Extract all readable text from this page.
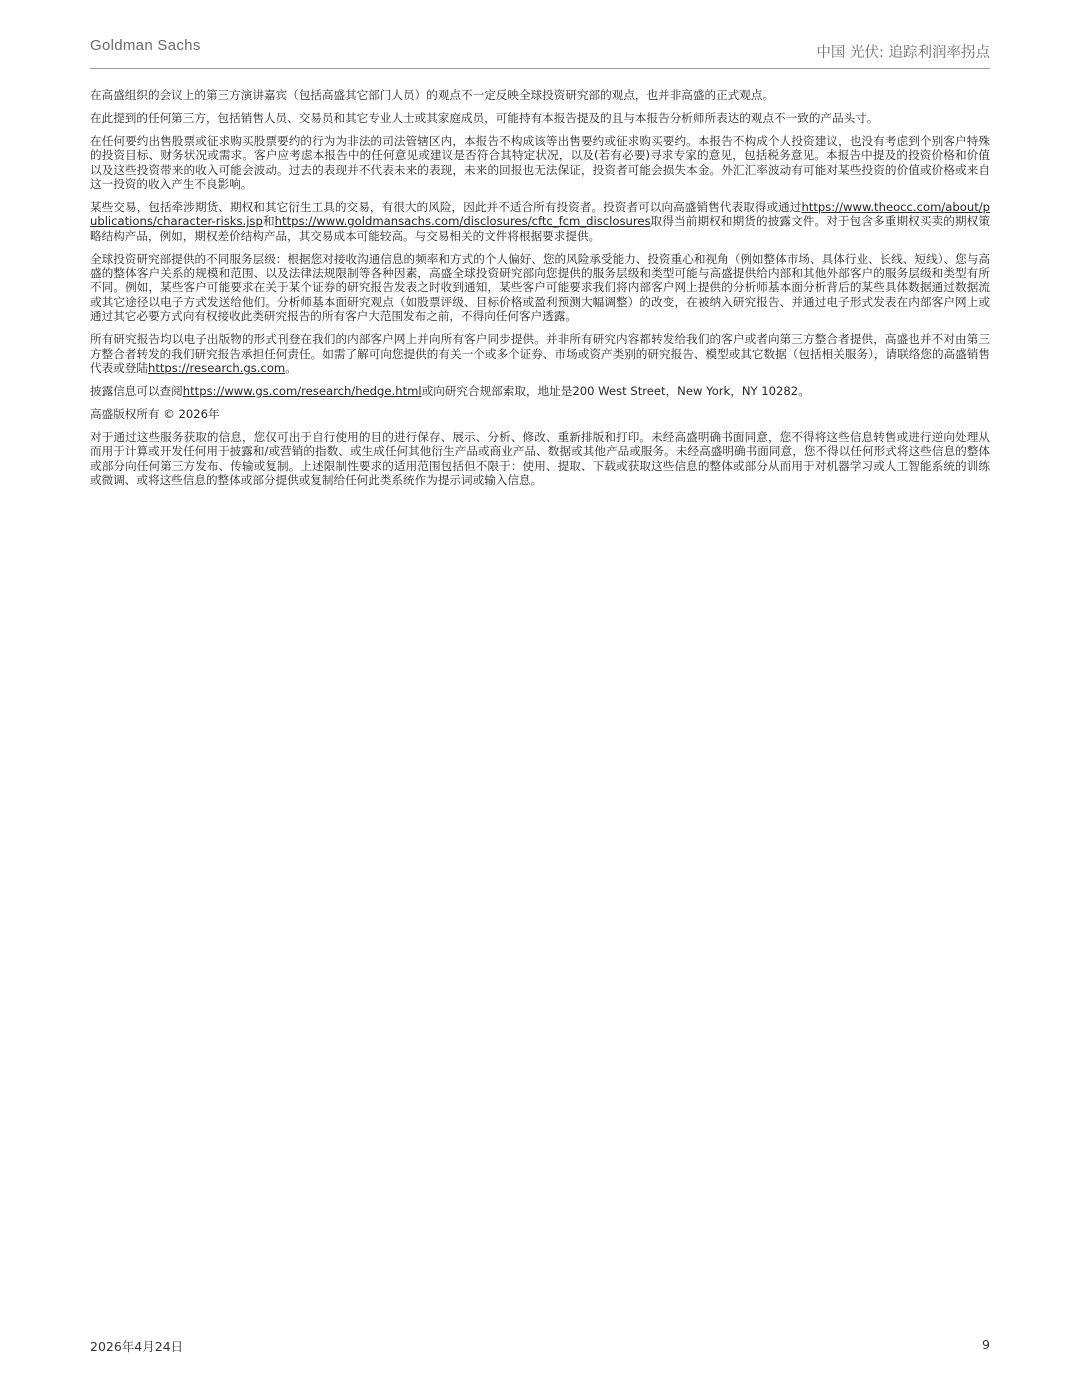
Goldman Sachs	中国 光伏: 追踪利润率拐点

在高盛组织的会议上的第三方演讲嘉宾（包括高盛其它部门人员）的观点不一定反映全球投资研究部的观点，也并非高盛的正式观点。

在此提到的任何第三方，包括销售人员、交易员和其它专业人士或其家庭成员，可能持有本报告提及的且与本报告分析师所表达的观点不一致的产品头寸。

在任何要约出售股票或征求购买股票要约的行为为非法的司法管辖区内，本报告不构成该等出售要约或征求购买要约。本报告不构成个人投资建议，也没有考虑到个别客户特殊的投资目标、财务状况或需求。客户应考虑本报告中的任何意见或建议是否符合其特定状况，以及(若有必要)寻求专家的意见，包括税务意见。本报告中提及的投资价格和价值以及这些投资带来的收入可能会波动。过去的表现并不代表未来的表现，未来的回报也无法保证，投资者可能会损失本金。外汇汇率波动有可能对某些投资的价值或价格或来自这一投资的收入产生不良影响。

某些交易，包括牵涉期货、期权和其它衍生工具的交易，有很大的风险，因此并不适合所有投资者。投资者可以向高盛销售代表取得或通过https://www.theocc.com/about/publications/character-risks.jsp和https://www.goldmansachs.com/disclosures/cftc_fcm_disclosures取得当前期权和期货的披露文件。对于包含多重期权买卖的期权策略结构产品，例如，期权差价结构产品，其交易成本可能较高。与交易相关的文件将根据要求提供。

全球投资研究部提供的不同服务层级：根据您对接收沟通信息的频率和方式的个人偏好、您的风险承受能力、投资重心和视角（例如整体市场、具体行业、长线、短线）、您与高盛的整体客户关系的规模和范围、以及法律法规限制等各种因素，高盛全球投资研究部向您提供的服务层级和类型可能与高盛提供给内部和其他外部客户的服务层级和类型有所不同。例如，某些客户可能要求在关于某个证券的研究报告发表之时收到通知，某些客户可能要求我们将内部客户网上提供的分析师基本面分析背后的某些具体数据通过数据流或其它途径以电子方式发送给他们。分析师基本面研究观点（如股票评级、目标价格或盈利预测大幅调整）的改变，在被纳入研究报告、并通过电子形式发表在内部客户网上或通过其它必要方式向有权接收此类研究报告的所有客户大范围发布之前，不得向任何客户透露。

所有研究报告均以电子出版物的形式刊登在我们的内部客户网上并向所有客户同步提供。并非所有研究内容都转发给我们的客户或者向第三方整合者提供，高盛也并不对由第三方整合者转发的我们研究报告承担任何责任。如需了解可向您提供的有关一个或多个证券、市场或资产类别的研究报告、模型或其它数据（包括相关服务），请联络您的高盛销售代表或登陆https://research.gs.com。

披露信息可以查阅https://www.gs.com/research/hedge.html或向研究合规部索取，地址是200 West Street，New York，NY 10282。

高盛版权所有 © 2026年

对于通过这些服务获取的信息，您仅可出于自行使用的目的进行保存、展示、分析、修改、重新排版和打印。未经高盛明确书面同意，您不得将这些信息转售或进行逆向处理从而用于计算或开发任何用于披露和/或营销的指数、或生成任何其他衍生产品或商业产品、数据或其他产品或服务。未经高盛明确书面同意，您不得以任何形式将这些信息的整体或部分向任何第三方发布、传输或复制。上述限制性要求的适用范围包括但不限于：使用、提取、下载或获取这些信息的整体或部分从而用于对机器学习或人工智能系统的训练或微调、或将这些信息的整体或部分提供或复制给任何此类系统作为提示词或输入信息。

2026年4月24日	9
